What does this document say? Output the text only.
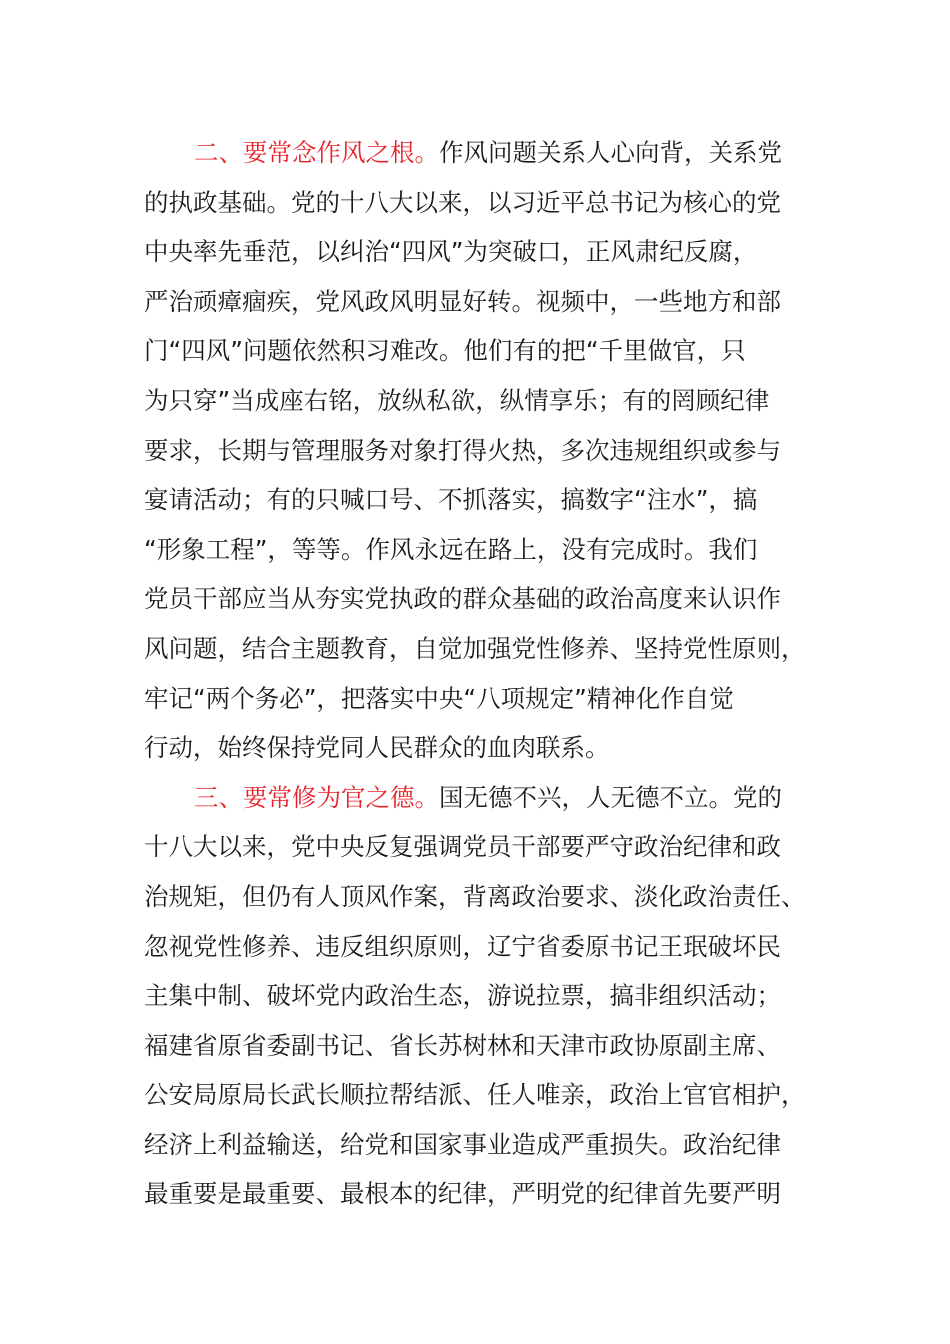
二、要常念作风之根。作风问题关系人心向背，关系党
的执政基础。党的十八大以来，以习近平总书记为核心的党
中央率先垂范，以纠治“四风”为突破口，正风肃纪反腐，
严治顽瘴痼疾，党风政风明显好转。视频中，一些地方和部
门“四风”问题依然积习难改。他们有的把“千里做官，只
为只穿”当成座右铭，放纵私欲，纵情享乐；有的罔顾纪律
要求，长期与管理服务对象打得火热，多次违规组织或参与
宴请活动；有的只喊口号、不抓落实，搞数字“注水”，搞
“形象工程”，等等。作风永远在路上，没有完成时。我们
党员干部应当从夯实党执政的群众基础的政治高度来认识作
风问题，结合主题教育，自觉加强党性修养、坚持党性原则，
牢记“两个务必”，把落实中央“八项规定”精神化作自觉
行动，始终保持党同人民群众的血肉联系。
三、要常修为官之德。国无德不兴，人无德不立。党的
十八大以来，党中央反复强调党员干部要严守政治纪律和政
治规矩，但仍有人顶风作案，背离政治要求、淡化政治责任、
忽视党性修养、违反组织原则，辽宁省委原书记王珉破坏民
主集中制、破坏党内政治生态，游说拉票，搞非组织活动；
福建省原省委副书记、省长苏树林和天津市政协原副主席、
公安局原局长武长顺拉帮结派、任人唯亲，政治上官官相护，
经济上利益输送，给党和国家事业造成严重损失。政治纪律
最重要是最重要、最根本的纪律，严明党的纪律首先要严明
